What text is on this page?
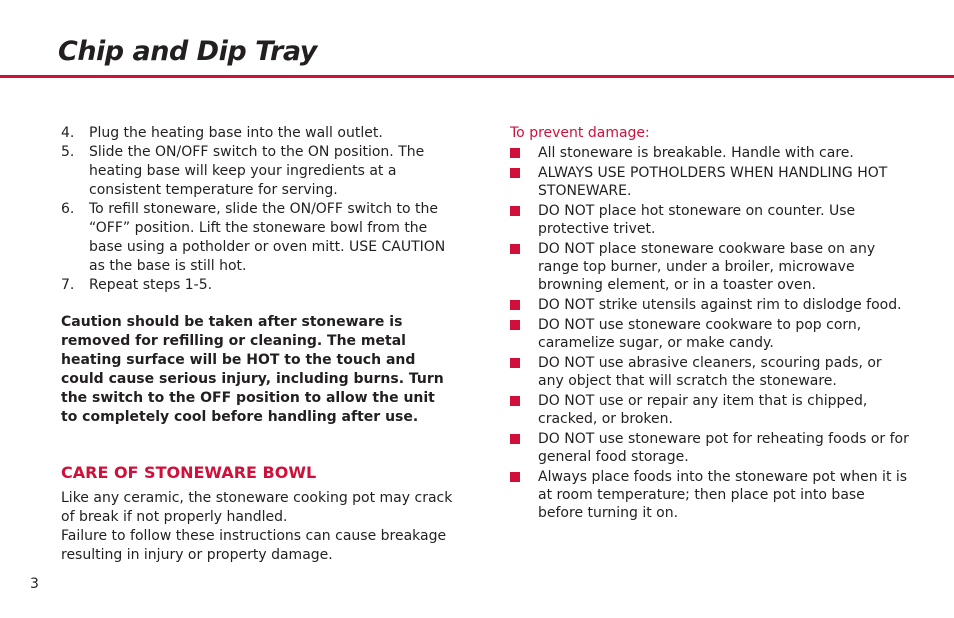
Chip and Dip Tray
4. Plug the heating base into the wall outlet.
5. Slide the ON/OFF switch to the ON position. The heating base will keep your ingredients at a consistent temperature for serving.
6. To refill stoneware, slide the ON/OFF switch to the “OFF” position. Lift the stoneware bowl from the base using a potholder or oven mitt. USE CAUTION as the base is still hot.
7. Repeat steps 1-5.

Caution should be taken after stoneware is removed for refilling or cleaning. The metal heating surface will be HOT to the touch and could cause serious injury, including burns. Turn the switch to the OFF position to allow the unit to completely cool before handling after use.

CARE OF STONEWARE BOWL

Like any ceramic, the stoneware cooking pot may crack of break if not properly handled.

Failure to follow these instructions can cause breakage resulting in injury or property damage.

To prevent damage:

All stoneware is breakable. Handle with care.
ALWAYS USE POTHOLDERS WHEN HANDLING HOT STONEWARE.
DO NOT place hot stoneware on counter. Use protective trivet.
DO NOT place stoneware cookware base on any range top burner, under a broiler, microwave browning element, or in a toaster oven.
DO NOT strike utensils against rim to dislodge food.
DO NOT use stoneware cookware to pop corn, caramelize sugar, or make candy.
DO NOT use abrasive cleaners, scouring pads, or any object that will scratch the stoneware.
DO NOT use or repair any item that is chipped, cracked, or broken.
DO NOT use stoneware pot for reheating foods or for general food storage.
Always place foods into the stoneware pot when it is at room temperature; then place pot into base before turning it on.
3
